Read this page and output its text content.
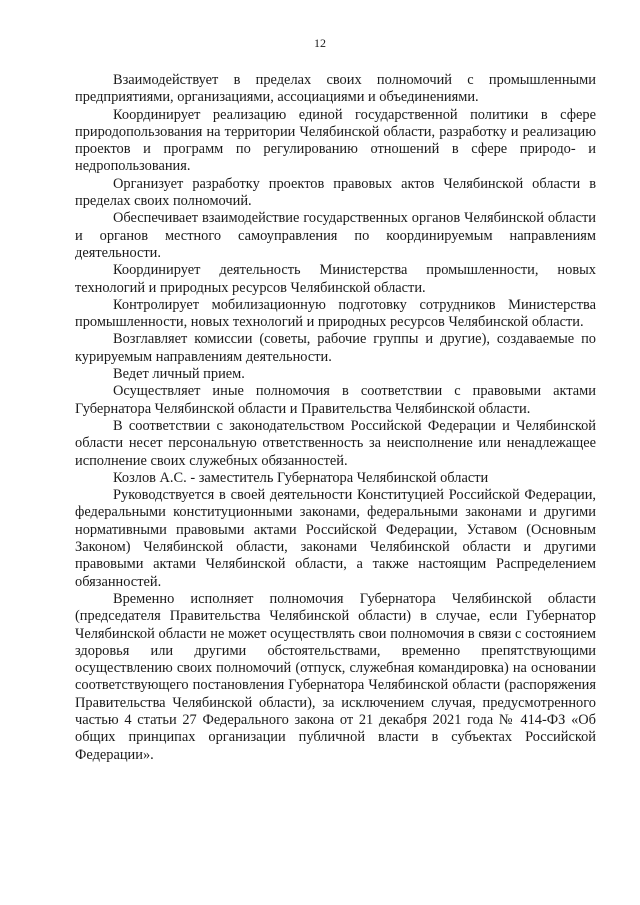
12

Взаимодействует в пределах своих полномочий с промышленными предприятиями, организациями, ассоциациями и объединениями.

Координирует реализацию единой государственной политики в сфере природопользования на территории Челябинской области, разработку и реализацию проектов и программ по регулированию отношений в сфере природо- и недропользования.

Организует разработку проектов правовых актов Челябинской области в пределах своих полномочий.

Обеспечивает взаимодействие государственных органов Челябинской области и органов местного самоуправления по координируемым направлениям деятельности.

Координирует деятельность Министерства промышленности, новых технологий и природных ресурсов Челябинской области.

Контролирует мобилизационную подготовку сотрудников Министерства промышленности, новых технологий и природных ресурсов Челябинской области.

Возглавляет комиссии (советы, рабочие группы и другие), создаваемые по курируемым направлениям деятельности.

Ведет личный прием.

Осуществляет иные полномочия в соответствии с правовыми актами Губернатора Челябинской области и Правительства Челябинской области.

В соответствии с законодательством Российской Федерации и Челябинской области несет персональную ответственность за неисполнение или ненадлежащее исполнение своих служебных обязанностей.

Козлов А.С. - заместитель Губернатора Челябинской области

Руководствуется в своей деятельности Конституцией Российской Федерации, федеральными конституционными законами, федеральными законами и другими нормативными правовыми актами Российской Федерации, Уставом (Основным Законом) Челябинской области, законами Челябинской области и другими правовыми актами Челябинской области, а также настоящим Распределением обязанностей.

Временно исполняет полномочия Губернатора Челябинской области (председателя Правительства Челябинской области) в случае, если Губернатор Челябинской области не может осуществлять свои полномочия в связи с состоянием здоровья или другими обстоятельствами, временно препятствующими осуществлению своих полномочий (отпуск, служебная командировка) на основании соответствующего постановления Губернатора Челябинской области (распоряжения Правительства Челябинской области), за исключением случая, предусмотренного частью 4 статьи 27 Федерального закона от 21 декабря 2021 года № 414-ФЗ «Об общих принципах организации публичной власти в субъектах Российской Федерации».
